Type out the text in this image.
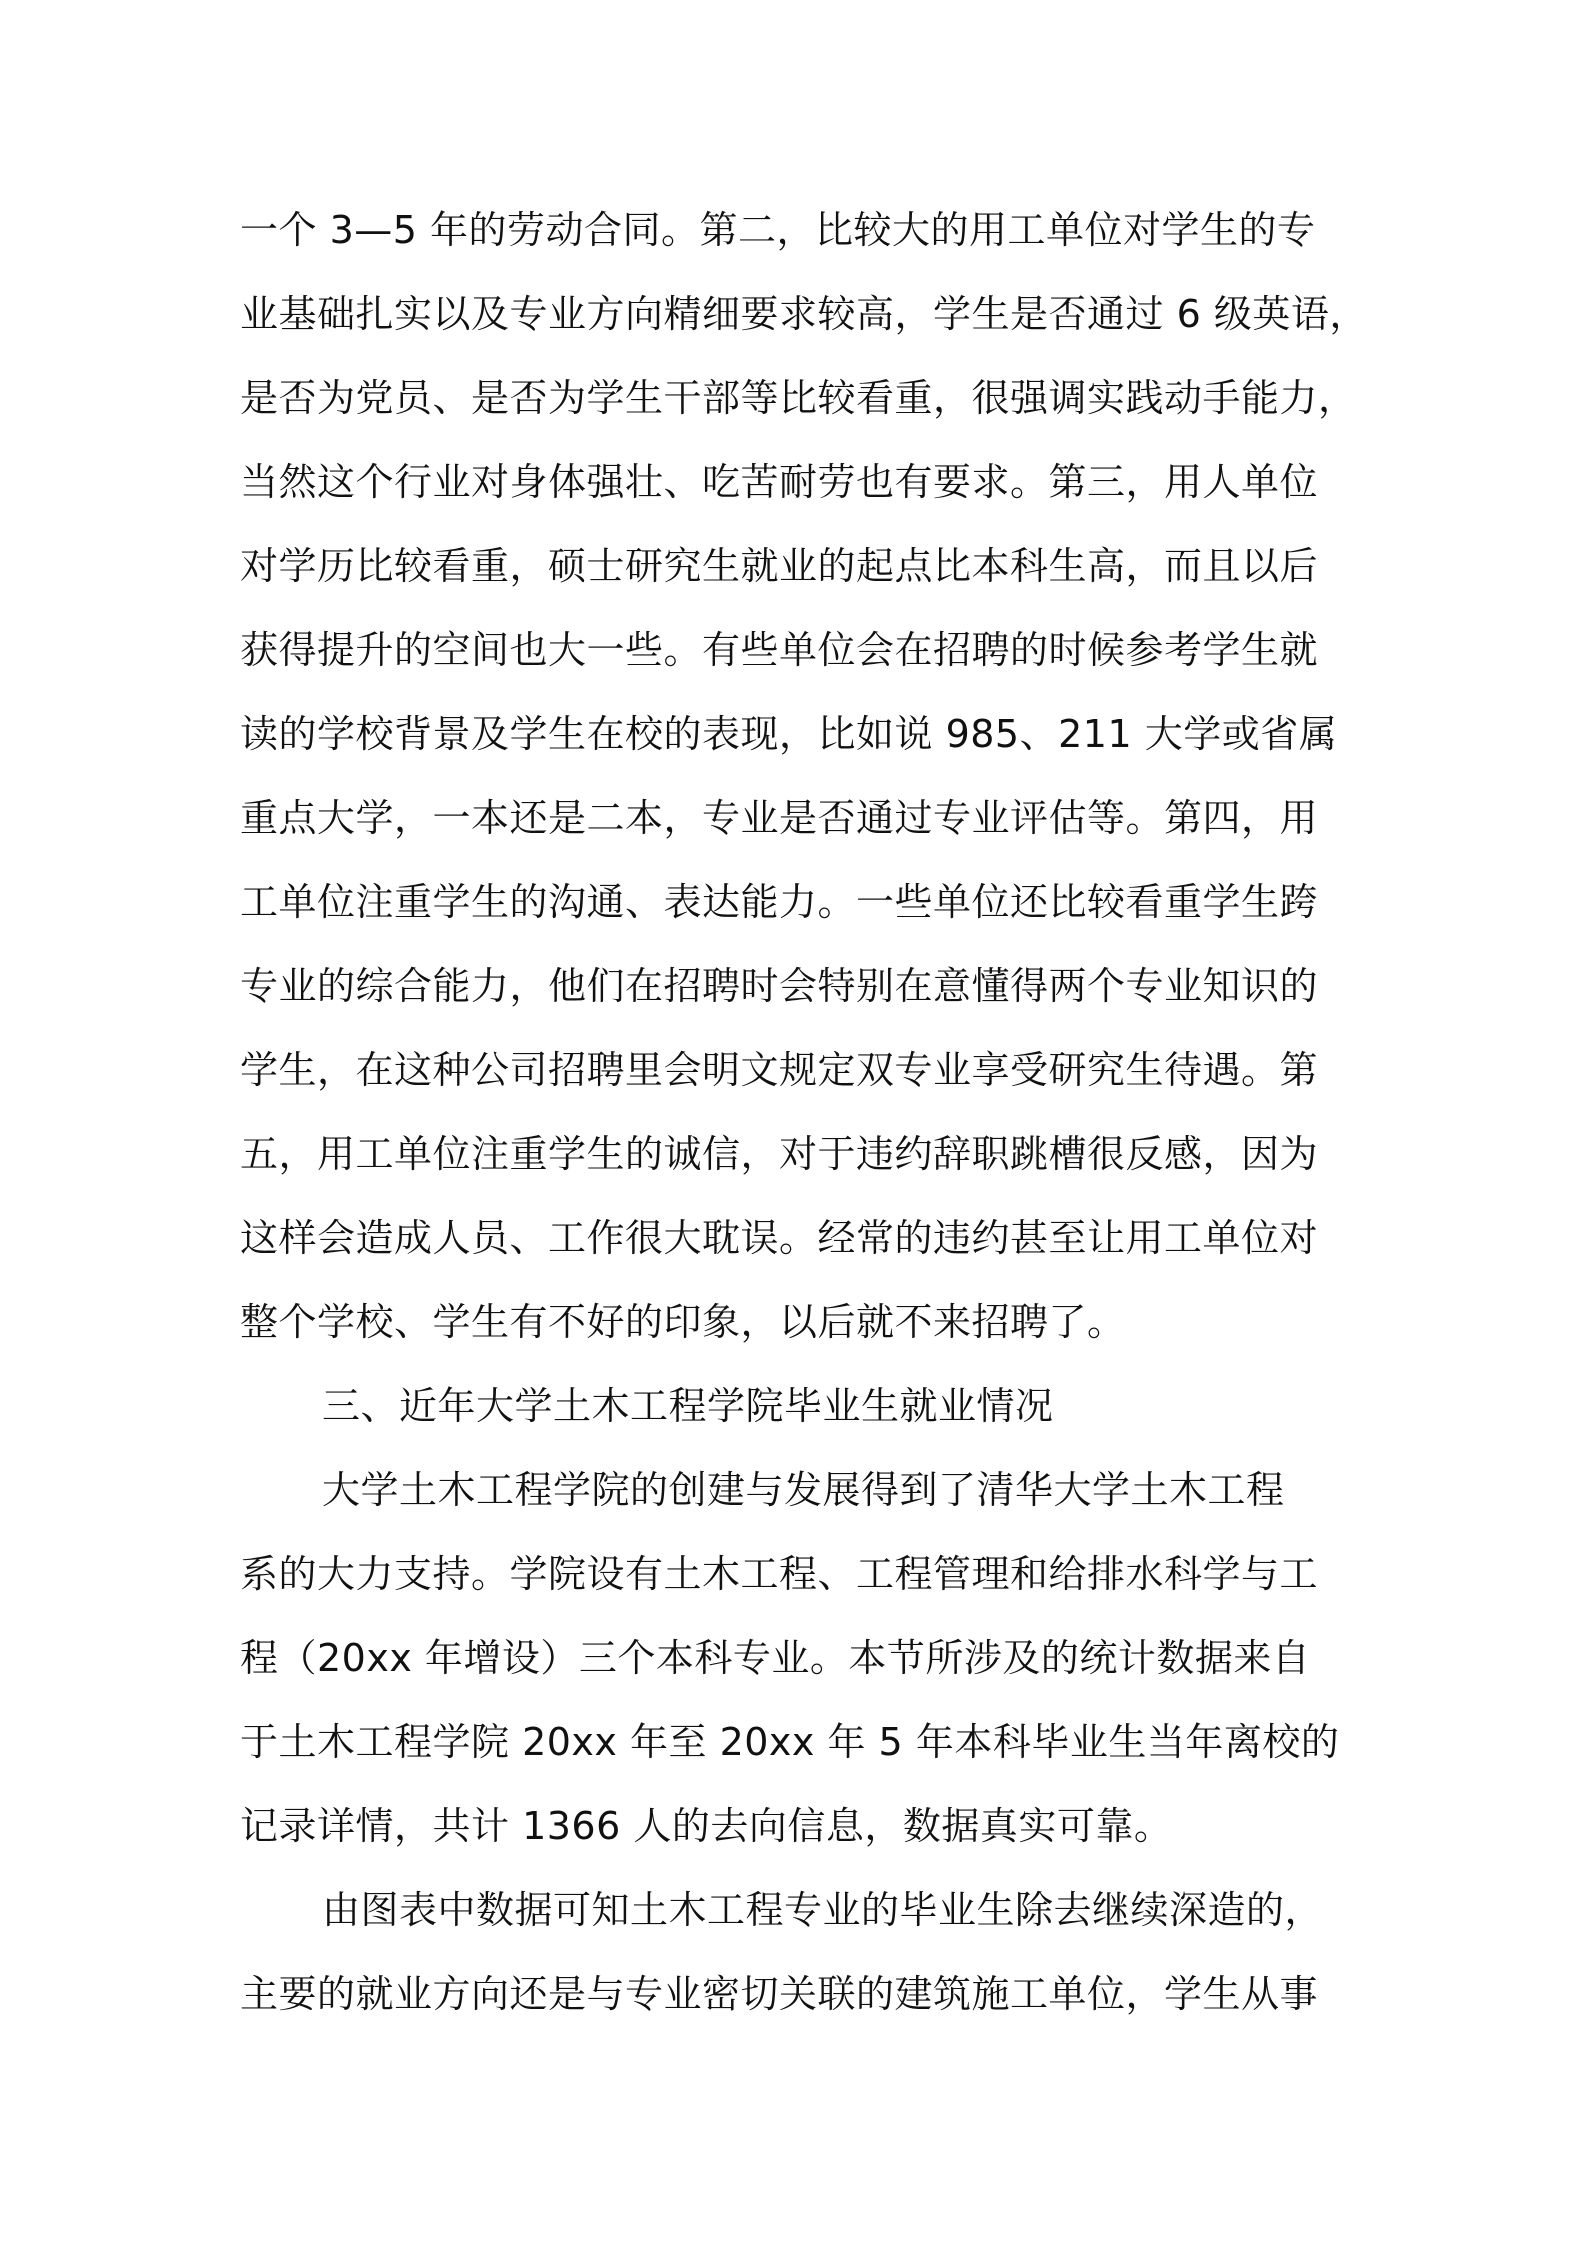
一个 3—5 年的劳动合同。第二，比较大的用工单位对学生的专

业基础扎实以及专业方向精细要求较高，学生是否通过 6 级英语，

是否为党员、是否为学生干部等比较看重，很强调实践动手能力，

当然这个行业对身体强壮、吃苦耐劳也有要求。第三，用人单位

对学历比较看重，硕士研究生就业的起点比本科生高，而且以后

获得提升的空间也大一些。有些单位会在招聘的时候参考学生就

读的学校背景及学生在校的表现，比如说 985、211 大学或省属

重点大学，一本还是二本，专业是否通过专业评估等。第四，用

工单位注重学生的沟通、表达能力。一些单位还比较看重学生跨

专业的综合能力，他们在招聘时会特别在意懂得两个专业知识的

学生，在这种公司招聘里会明文规定双专业享受研究生待遇。第

五，用工单位注重学生的诚信，对于违约辞职跳槽很反感，因为

这样会造成人员、工作很大耽误。经常的违约甚至让用工单位对

整个学校、学生有不好的印象，以后就不来招聘了。

三、近年大学土木工程学院毕业生就业情况

大学土木工程学院的创建与发展得到了清华大学土木工程

系的大力支持。学院设有土木工程、工程管理和给排水科学与工

程（20xx 年增设）三个本科专业。本节所涉及的统计数据来自

于土木工程学院 20xx 年至 20xx 年 5 年本科毕业生当年离校的

记录详情，共计 1366 人的去向信息，数据真实可靠。

由图表中数据可知土木工程专业的毕业生除去继续深造的，

主要的就业方向还是与专业密切关联的建筑施工单位，学生从事
